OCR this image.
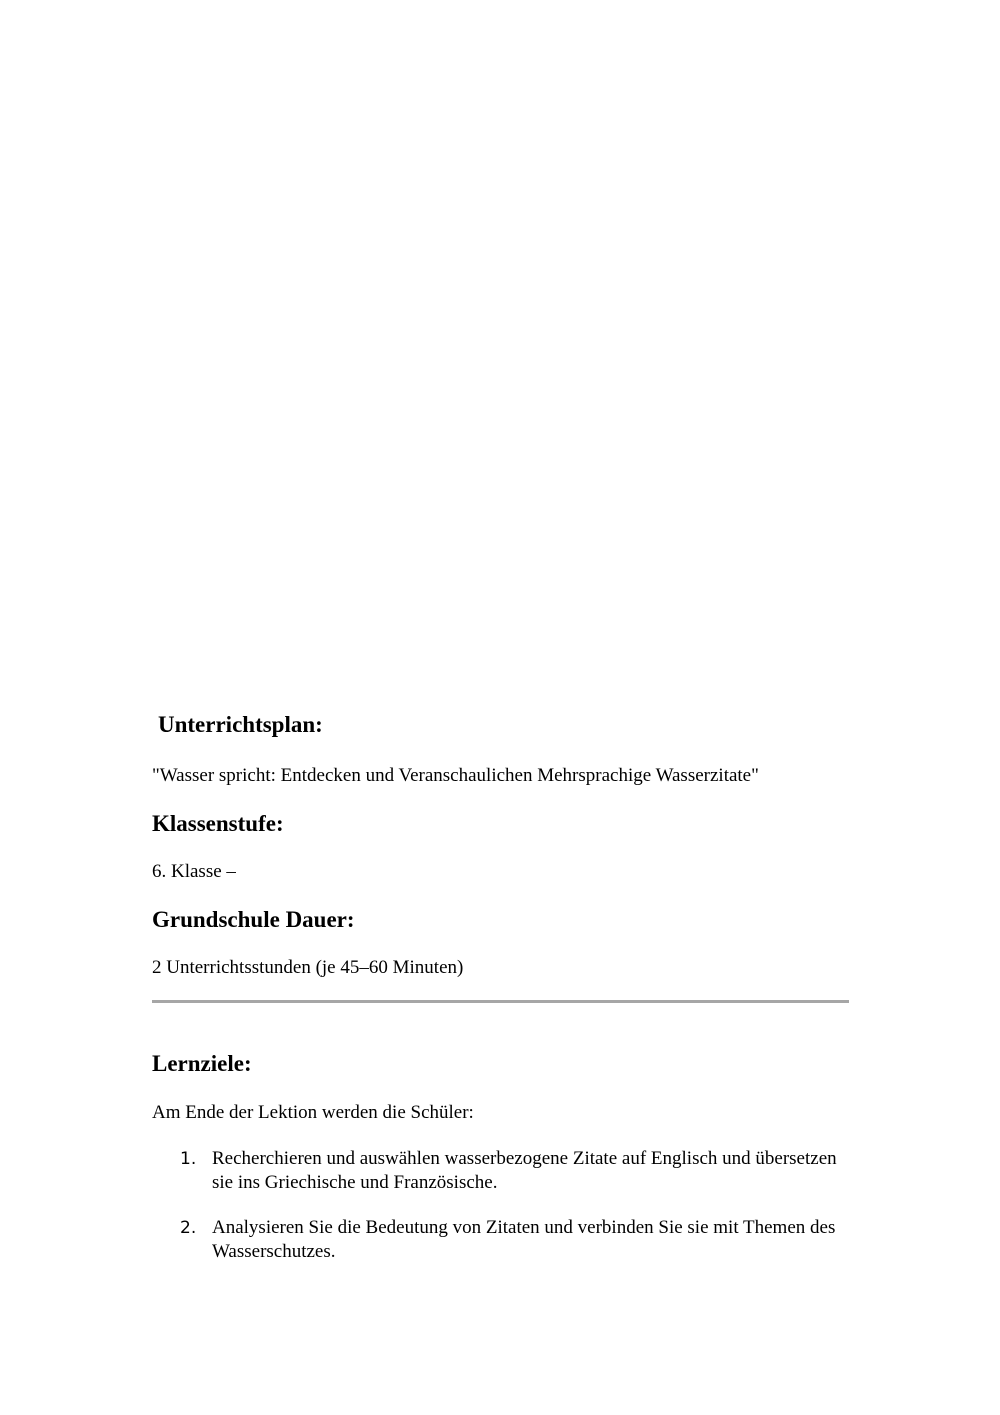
Unterrichtsplan:

"Wasser spricht: Entdecken und Veranschaulichen Mehrsprachige Wasserzitate"

Klassenstufe:

6. Klasse –

Grundschule Dauer:

2 Unterrichtsstunden (je 45–60 Minuten)

Lernziele:

Am Ende der Lektion werden die Schüler:

1. Recherchieren und auswählen wasserbezogene Zitate auf Englisch und übersetzen sie ins Griechische und Französische.
2. Analysieren Sie die Bedeutung von Zitaten und verbinden Sie sie mit Themen des Wasserschutzes.
